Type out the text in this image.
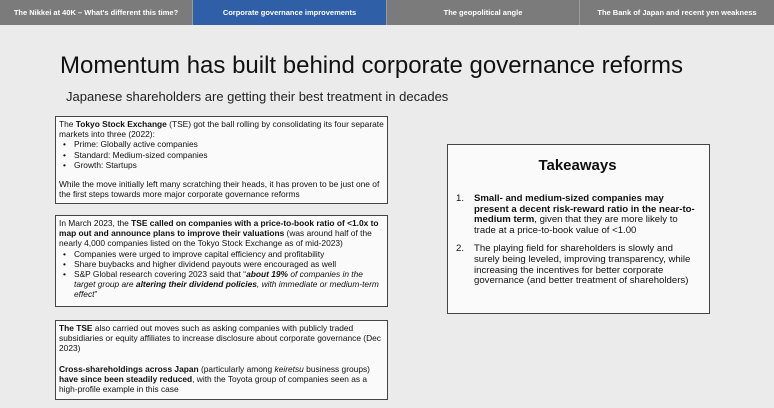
The Nikkei at 40K – What's different this time?	Corporate governance improvements	The geopolitical angle	The Bank of Japan and recent yen weakness
Momentum has built behind corporate governance reforms
Japanese shareholders are getting their best treatment in decades

The Tokyo Stock Exchange (TSE) got the ball rolling by consolidating its four separate markets into three (2022):

• Prime: Globally active companies
• Standard: Medium-sized companies
• Growth: Startups

While the move initially left many scratching their heads, it has proven to be just one of the first steps towards more major corporate governance reforms

In March 2023, the TSE called on companies with a price-to-book ratio of <1.0x to map out and announce plans to improve their valuations (was around half of the nearly 4,000 companies listed on the Tokyo Stock Exchange as of mid-2023)

• Companies were urged to improve capital efficiency and profitability
• Share buybacks and higher dividend payouts were encouraged as well
• S&P Global research covering 2023 said that “about 19% of companies in the target group are altering their dividend policies, with immediate or medium-term effect”

The TSE also carried out moves such as asking companies with publicly traded subsidiaries or equity affiliates to increase disclosure about corporate governance (Dec 2023)

Cross-shareholdings across Japan (particularly among keiretsu business groups) have since been steadily reduced, with the Toyota group of companies seen as a high-profile example in this case

Takeaways
1.	Small- and medium-sized companies may present a decent risk-reward ratio in the near-to-medium term, given that they are more likely to trade at a price-to-book value of <1.00
2.	The playing field for shareholders is slowly and surely being leveled, improving transparency, while increasing the incentives for better corporate governance (and better treatment of shareholders)
